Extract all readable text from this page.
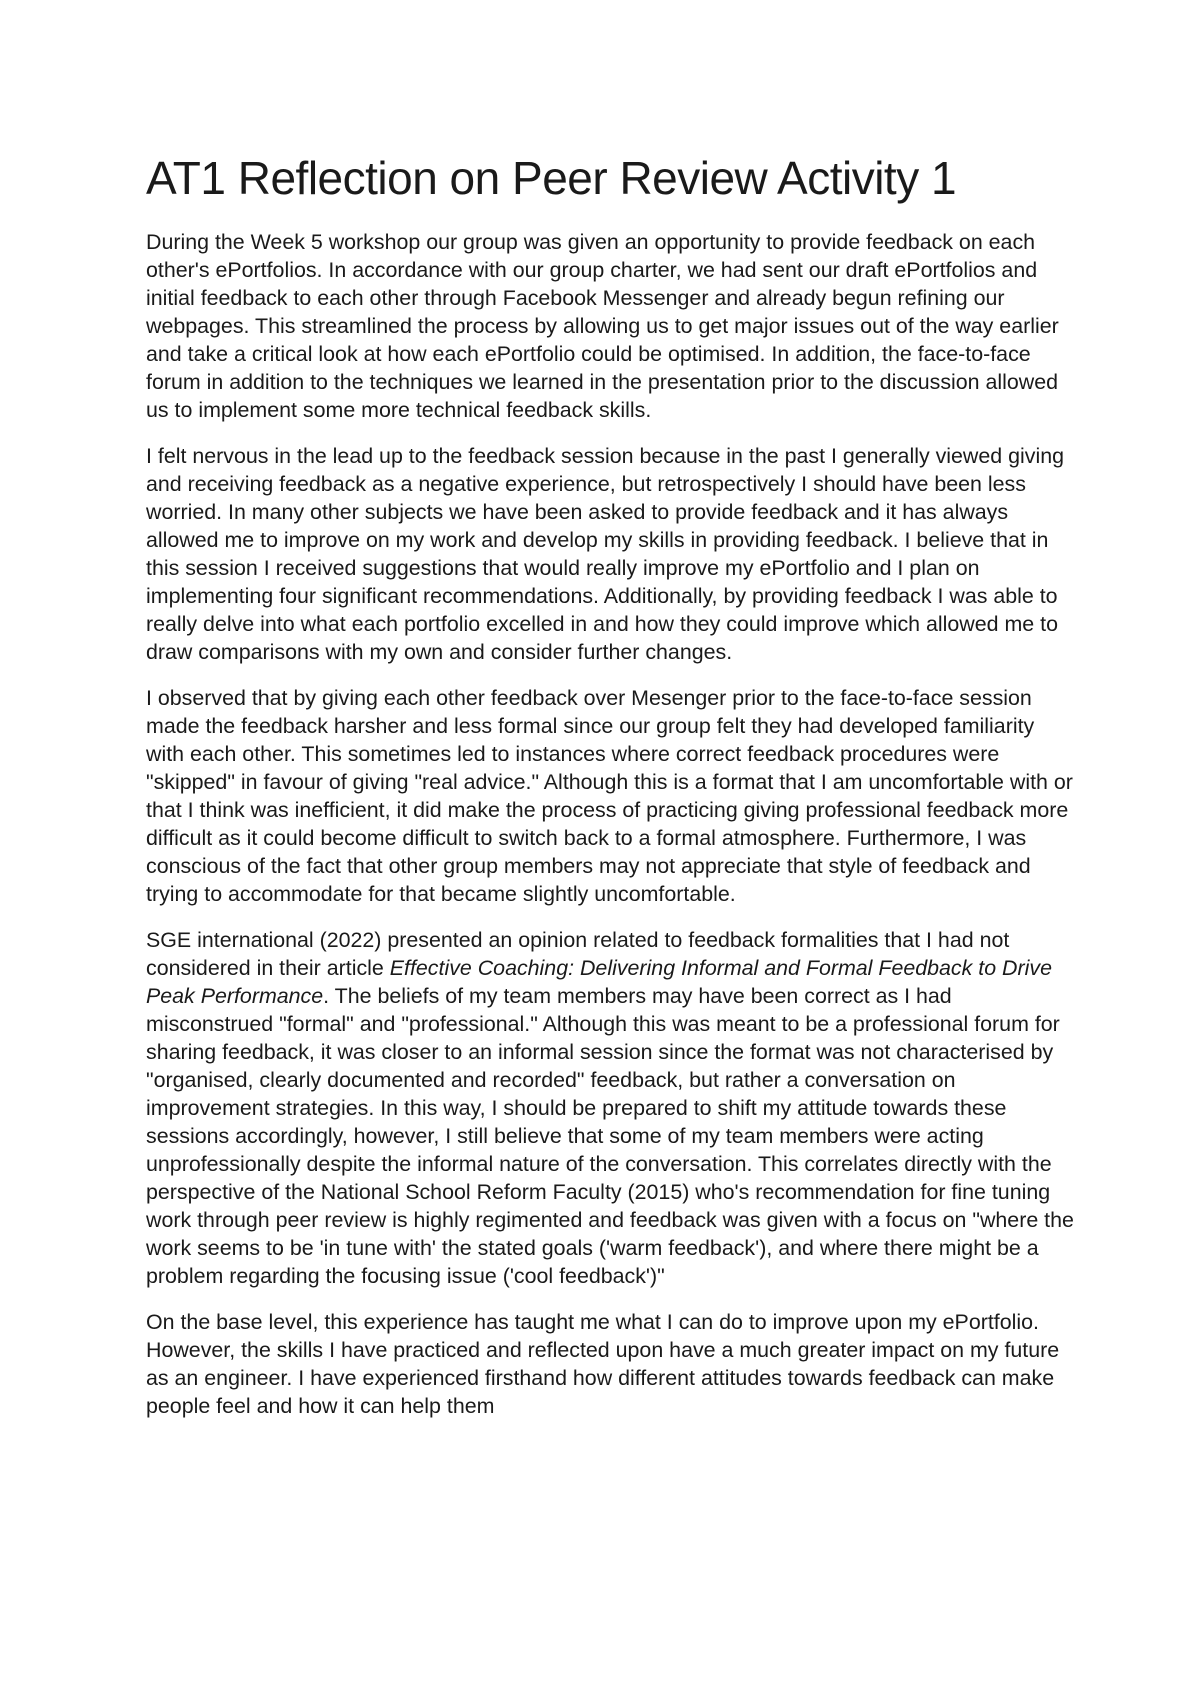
AT1 Reflection on Peer Review Activity 1

During the Week 5 workshop our group was given an opportunity to provide feedback on each other's ePortfolios. In accordance with our group charter, we had sent our draft ePortfolios and initial feedback to each other through Facebook Messenger and already begun refining our webpages. This streamlined the process by allowing us to get major issues out of the way earlier and take a critical look at how each ePortfolio could be optimised. In addition, the face-to-face forum in addition to the techniques we learned in the presentation prior to the discussion allowed us to implement some more technical feedback skills.

I felt nervous in the lead up to the feedback session because in the past I generally viewed giving and receiving feedback as a negative experience, but retrospectively I should have been less worried. In many other subjects we have been asked to provide feedback and it has always allowed me to improve on my work and develop my skills in providing feedback. I believe that in this session I received suggestions that would really improve my ePortfolio and I plan on implementing four significant recommendations. Additionally, by providing feedback I was able to really delve into what each portfolio excelled in and how they could improve which allowed me to draw comparisons with my own and consider further changes.

I observed that by giving each other feedback over Mesenger prior to the face-to-face session made the feedback harsher and less formal since our group felt they had developed familiarity with each other. This sometimes led to instances where correct feedback procedures were "skipped" in favour of giving "real advice." Although this is a format that I am uncomfortable with or that I think was inefficient, it did make the process of practicing giving professional feedback more difficult as it could become difficult to switch back to a formal atmosphere. Furthermore, I was conscious of the fact that other group members may not appreciate that style of feedback and trying to accommodate for that became slightly uncomfortable.

SGE international (2022) presented an opinion related to feedback formalities that I had not considered in their article Effective Coaching: Delivering Informal and Formal Feedback to Drive Peak Performance. The beliefs of my team members may have been correct as I had misconstrued "formal" and "professional." Although this was meant to be a professional forum for sharing feedback, it was closer to an informal session since the format was not characterised by "organised, clearly documented and recorded" feedback, but rather a conversation on improvement strategies. In this way, I should be prepared to shift my attitude towards these sessions accordingly, however, I still believe that some of my team members were acting unprofessionally despite the informal nature of the conversation. This correlates directly with the perspective of the National School Reform Faculty (2015) who's recommendation for fine tuning work through peer review is highly regimented and feedback was given with a focus on "where the work seems to be 'in tune with' the stated goals ('warm feedback'), and where there might be a problem regarding the focusing issue ('cool feedback')"

On the base level, this experience has taught me what I can do to improve upon my ePortfolio. However, the skills I have practiced and reflected upon have a much greater impact on my future as an engineer. I have experienced firsthand how different attitudes towards feedback can make people feel and how it can help them
